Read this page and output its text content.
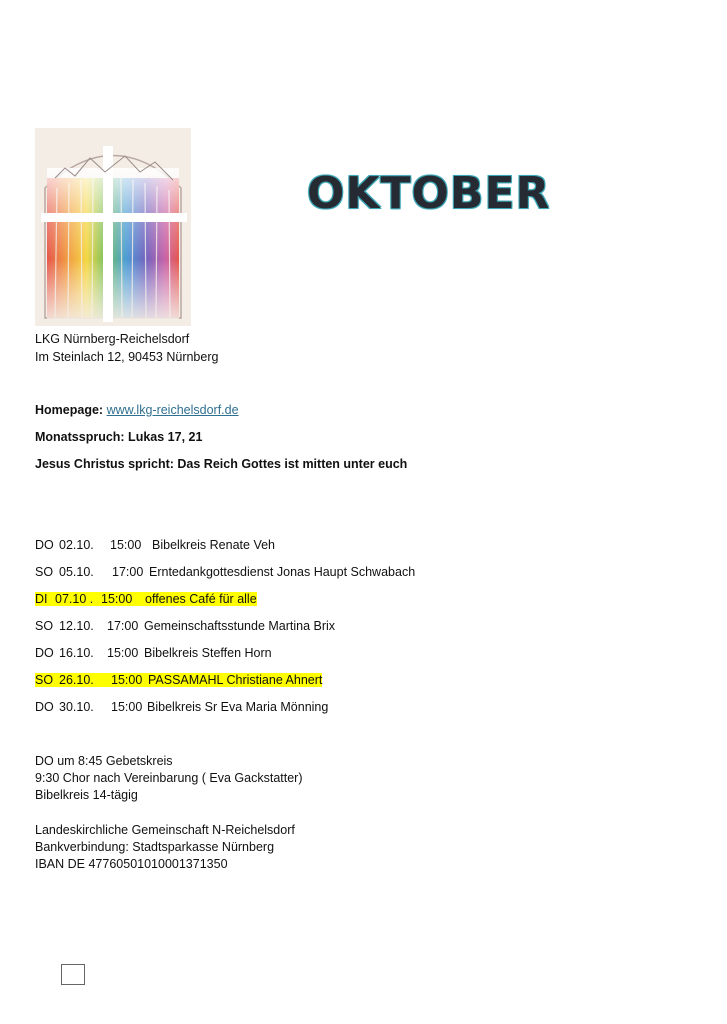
OKTOBER
LKG Nürnberg-Reichelsdorf
Im Steinlach 12, 90453 Nürnberg
Homepage: www.lkg-reichelsdorf.de
Monatsspruch: Lukas 17, 21
Jesus Christus spricht: Das Reich Gottes ist mitten unter euch
DO 02.10. 15:00 Bibelkreis Renate Veh
SO 05.10. 17:00 Erntedankgottesdienst Jonas Haupt Schwabach
DI 07.10 . 15:00 offenes Café für alle
SO 12.10. 17:00 Gemeinschaftsstunde Martina Brix
DO 16.10. 15:00 Bibelkreis Steffen Horn
SO 26.10. 15:00 PASSAMAHL Christiane Ahnert
DO 30.10. 15:00 Bibelkreis Sr Eva Maria Mönning
DO um 8:45 Gebetskreis
9:30 Chor nach Vereinbarung ( Eva Gackstatter)
Bibelkreis 14-tägig
Landeskirchliche Gemeinschaft N-Reichelsdorf
Bankverbindung: Stadtsparkasse Nürnberg
IBAN DE 47760501010001371350
